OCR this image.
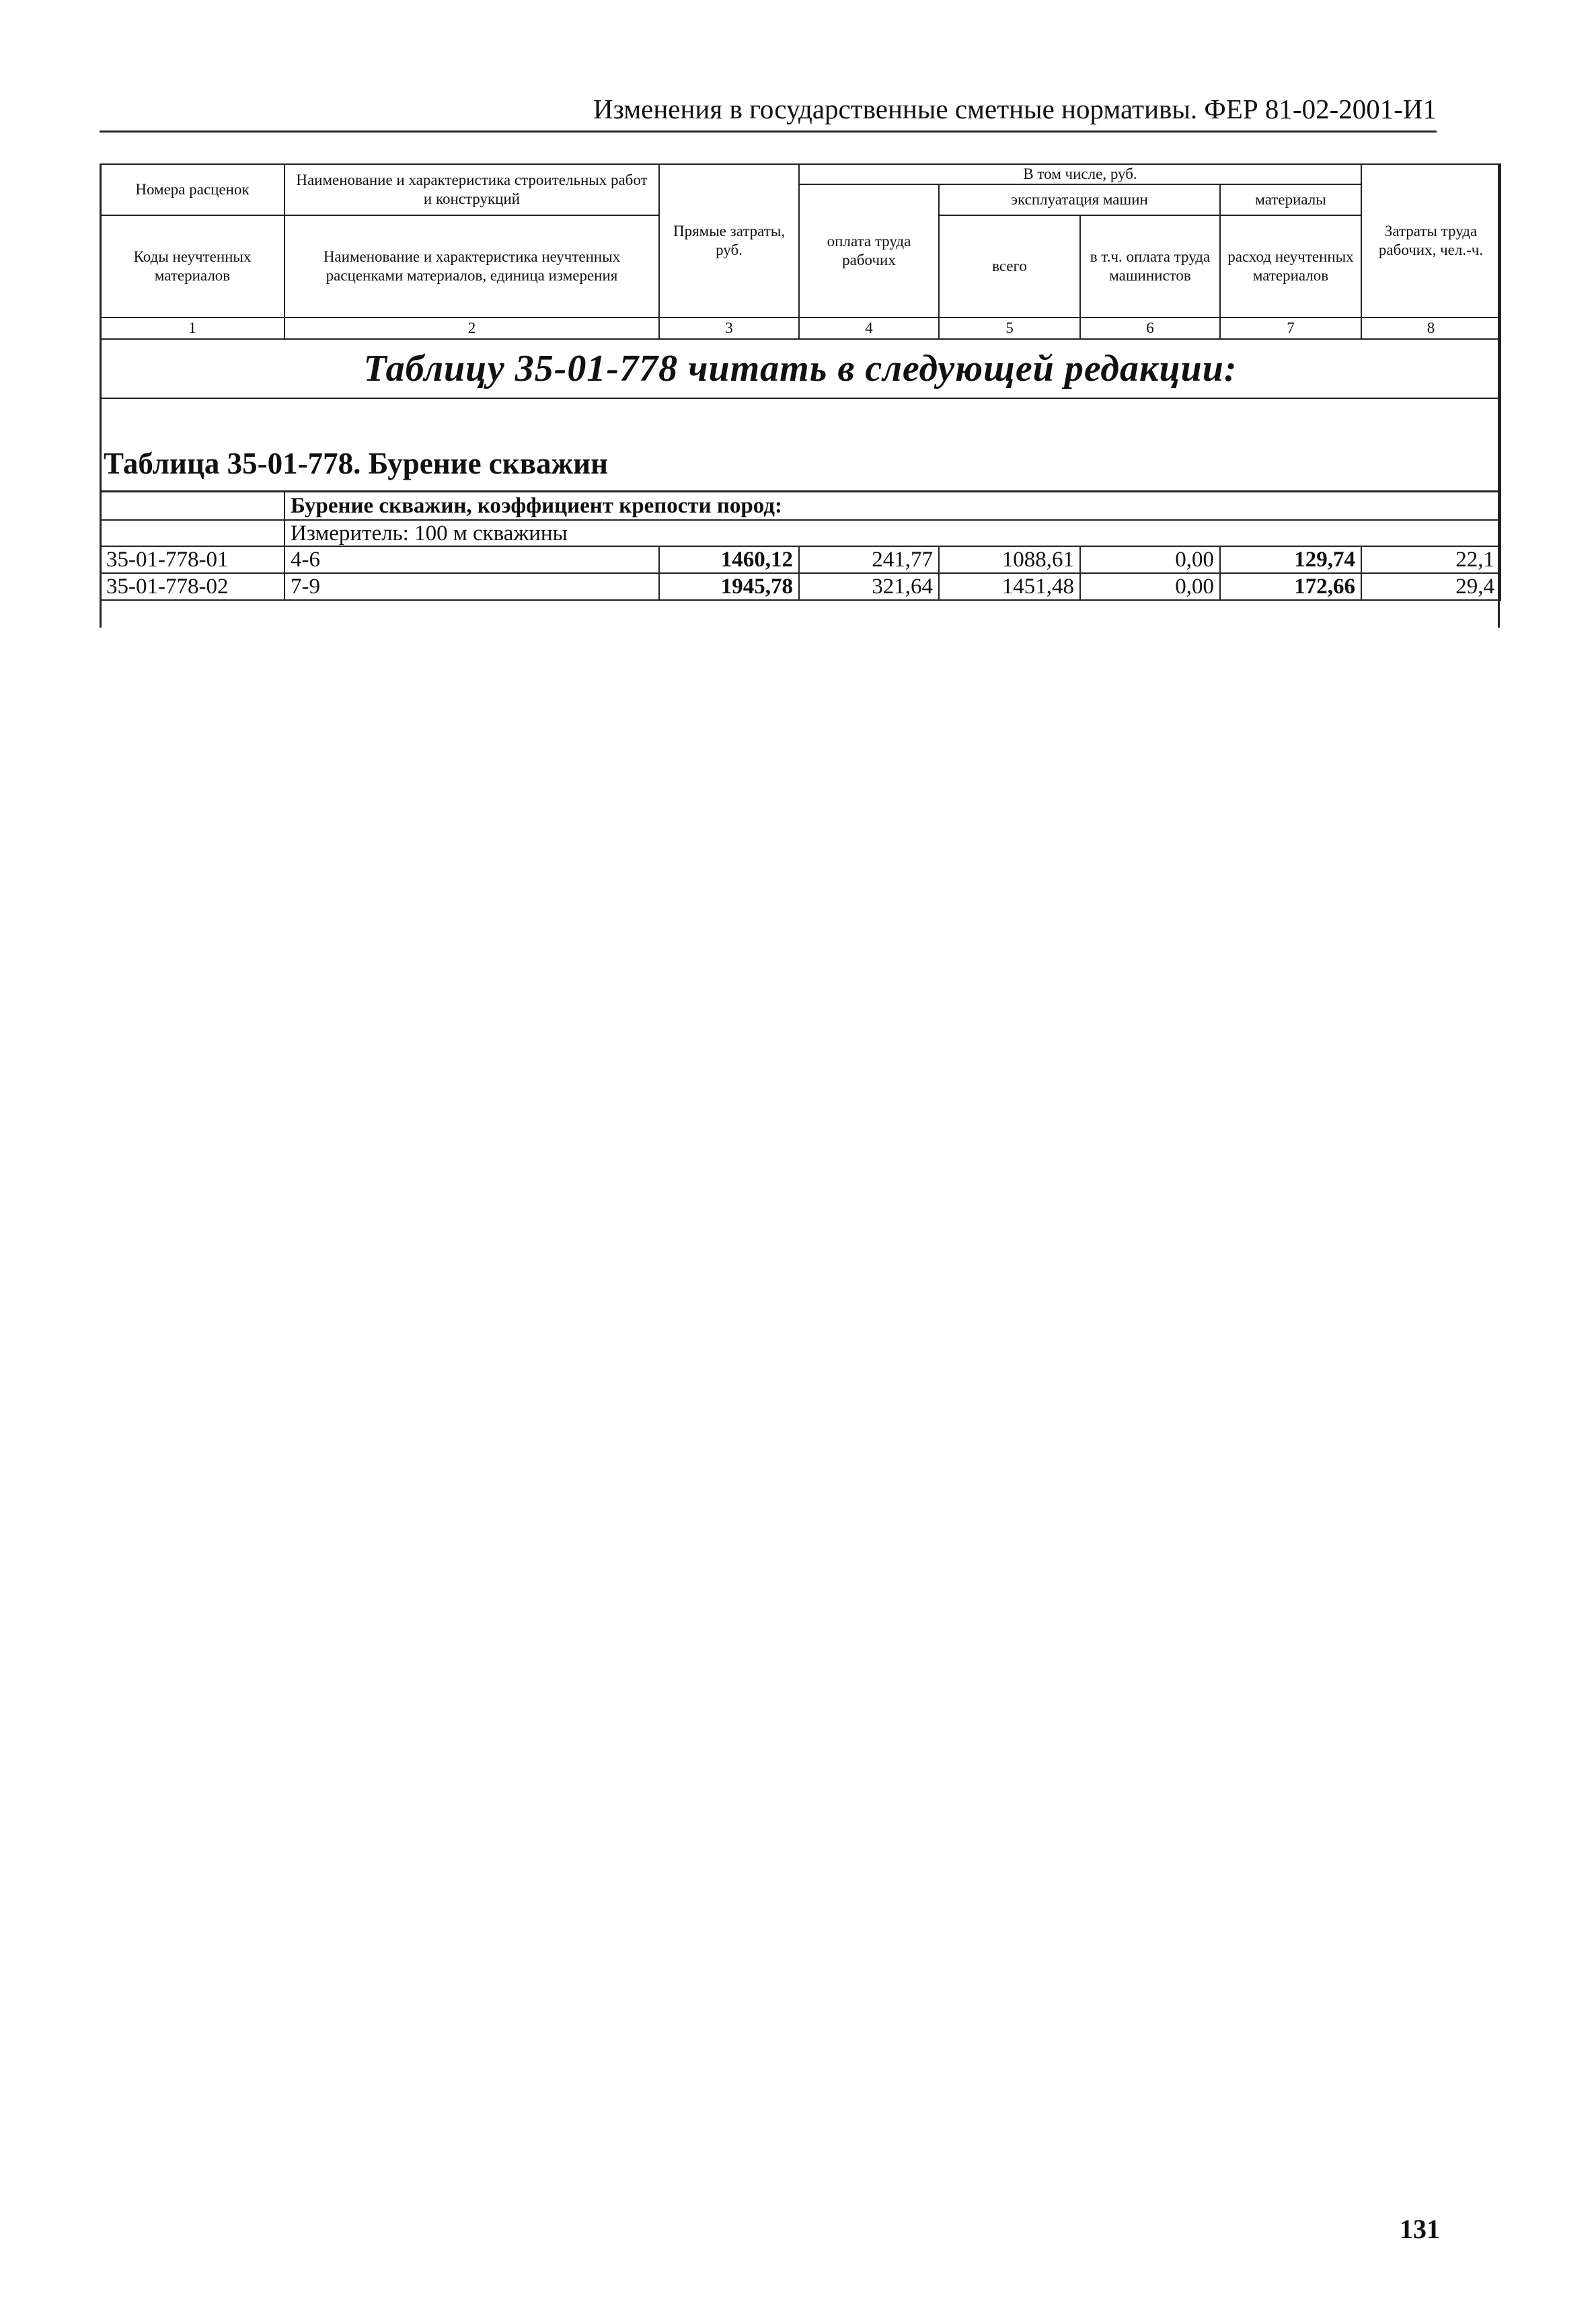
Изменения в государственные сметные нормативы. ФЕР 81-02-2001-И1
Номера расценок	Наименование и характеристика строительных работ и конструкций	Прямые затраты, руб.	В том числе, руб.				Затраты труда рабочих, чел.-ч.
			оплата труда рабочих	эксплуатация машин		материалы	
Коды неучтенных материалов	Наименование и характеристика неучтенных расценками материалов, единица измерения			всего	в т.ч. оплата труда машинистов	расход неучтенных материалов	

1	2	3	4	5	6	7	8
Таблицу 35-01-778 читать в следующей редакции:							
Таблица 35-01-778. Бурение скважин							
	Бурение скважин, коэффициент крепости пород:						
	Измеритель: 100 м скважины						
35-01-778-01	4-6	1460,12	241,77	1088,61	0,00	129,74	22,1
35-01-778-02	7-9	1945,78	321,64	1451,48	0,00	172,66	29,4
131
